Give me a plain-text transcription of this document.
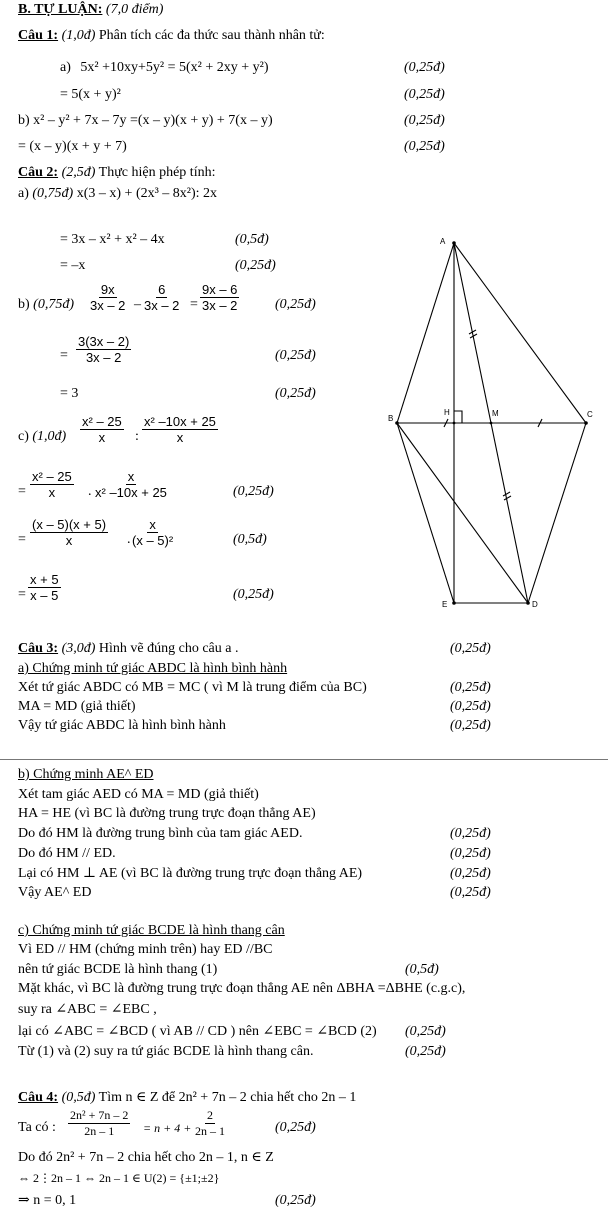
B. TỰ LUẬN: (7,0 điểm)
Câu 1: (1,0đ) Phân tích các đa thức sau thành nhân tử:
a) 5x² +10xy+5y² = 5(x² + 2xy + y²)	(0,25đ)
= 5(x + y)²	(0,25đ)
b) x² – y² + 7x – 7y =(x – y)(x + y) + 7(x – y)	(0,25đ)
= (x – y)(x + y + 7)	(0,25đ)
Câu 2: (2,5đ) Thực hiện phép tính:
a) (0,75đ) x(3 – x) + (2x³ – 8x²): 2x
= 3x – x² + x² – 4x	(0,5đ)
= –x	(0,25đ)
b) (0,75đ) $\frac{9x}{3x - 2} - \frac{6}{3x - 2} = \frac{9x - 6}{3x - 2}$	(0,25đ)
= $\frac{3(3x - 2)}{3x - 2}$	(0,25đ)
= 3	(0,25đ)
c) (1,0đ) $\frac{\text{x² – 25}}{x}$ : $\frac{\text{x² –10x + 25}}{x}$
= $\frac{\text{x² – 25}}{x}$ . $\frac{x}{\text{x² –10x + 25}}$	(0,25đ)
= $\frac{(x - 5)(x + 5)}{x}$ . $\frac{x}{\text{(x – 5)²}}$	(0,5đ)
= $\frac{x + 5}{x - 5}$	(0,25đ)
A
B	C
H	M
E	D
Câu 3: (3,0đ) Hình vẽ đúng cho câu a .	(0,25đ)
a) Chứng minh tứ giác ABDC là hình bình hành
Xét tứ giác ABDC có MB = MC ( vì M là trung điểm của BC)	(0,25đ)
MA = MD (giả thiết)	(0,25đ)
Vậy tứ giác ABDC là hình bình hành	(0,25đ)
b) Chứng minh AE^ ED
Xét tam giác AED có MA = MD (giả thiết)
HA = HE (vì BC là đường trung trực đoạn thẳng AE)
Do đó HM là đường trung bình của tam giác AED.	(0,25đ)
Do đó HM // ED.	(0,25đ)
Lại có HM ⊥ AE (vì BC là đường trung trực đoạn thẳng AE)	(0,25đ)
Vậy AE^ ED	(0,25đ)
c) Chứng minh tứ giác BCDE là hình thang cân
Vì ED // HM (chứng minh trên) hay ED //BC
nên tứ giác BCDE là hình thang (1)	(0,5đ)
Mặt khác, vì BC là đường trung trực đoạn thẳng AE nên ΔBHA =ΔBHE (c.g.c),
suy ra ∠ABC = ∠EBC ,
lại có ∠ABC = ∠BCD ( vì AB // CD ) nên ∠EBC = ∠BCD (2) (0,25đ)
Từ (1) và (2) suy ra tứ giác BCDE là hình thang cân.	(0,25đ)
Câu 4: (0,5đ) Tìm n ∈ Z để 2n² + 7n – 2 chia hết cho 2n – 1
Ta có : $\frac{\text{2n² + 7n – 2}}{2n - 1} = n + 4 + \frac{2}{2n - 1}$	(0,25đ)
Do đó 2n² + 7n – 2 chia hết cho 2n – 1, n ∈ Z
⇔ 2⋮2n – 1 ⇔ 2n – 1 ∈ U(2) = {±1;±2}
⇒ n = 0, 1	(0,25đ)
